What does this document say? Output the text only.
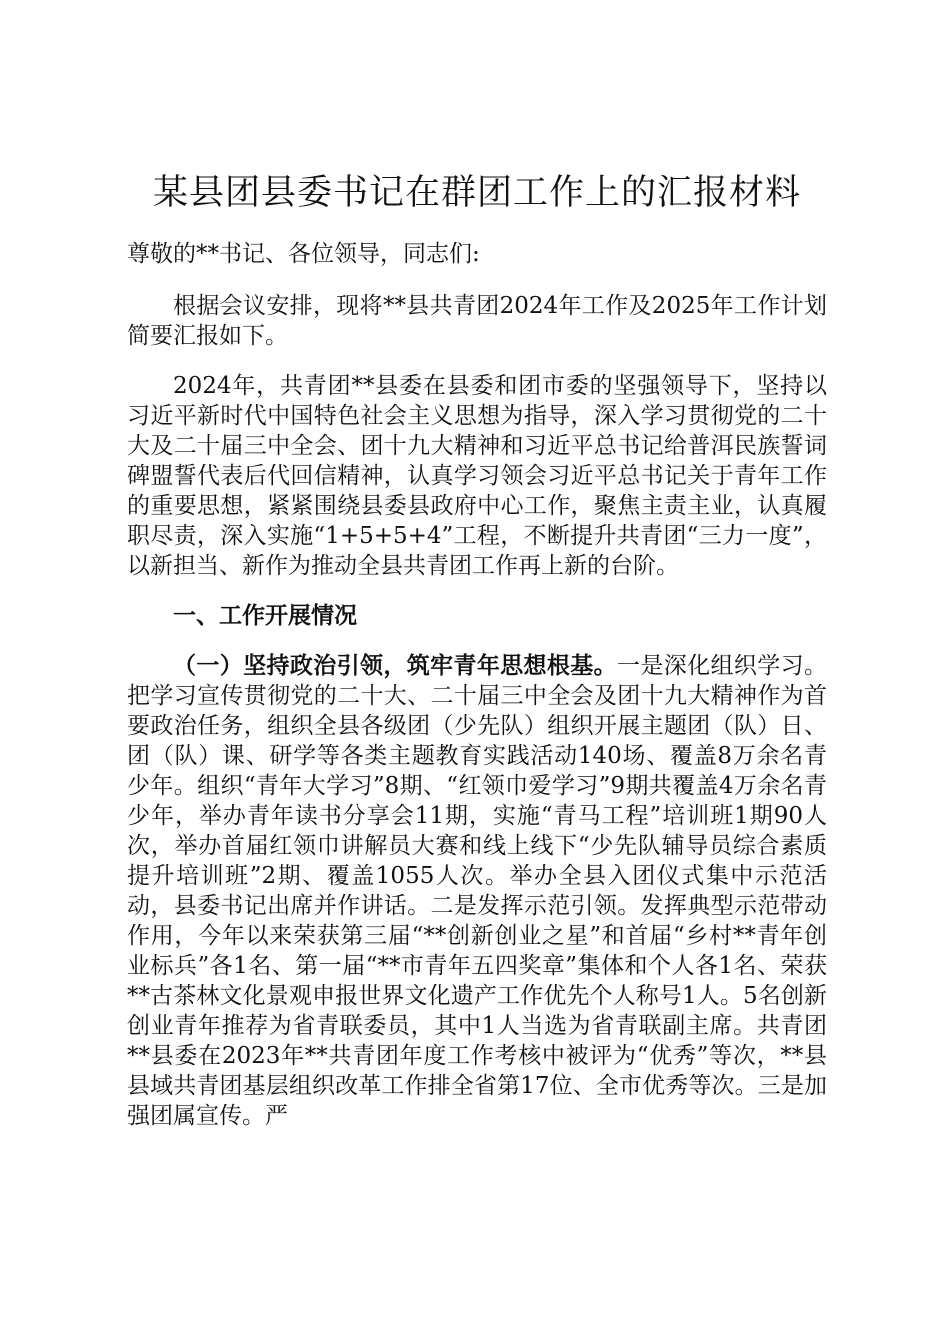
某县团县委书记在群团工作上的汇报材料

尊敬的**书记、各位领导，同志们:

根据会议安排，现将**县共青团2024年工作及2025年工作计划简要汇报如下。

2024年，共青团**县委在县委和团市委的坚强领导下，坚持以习近平新时代中国特色社会主义思想为指导，深入学习贯彻党的二十大及二十届三中全会、团十九大精神和习近平总书记给普洱民族誓词碑盟誓代表后代回信精神，认真学习领会习近平总书记关于青年工作的重要思想，紧紧围绕县委县政府中心工作，聚焦主责主业，认真履职尽责，深入实施“1+5+5+4”工程，不断提升共青团“三力一度”，以新担当、新作为推动全县共青团工作再上新的台阶。

一、工作开展情况

（一）坚持政治引领，筑牢青年思想根基。一是深化组织学习。把学习宣传贯彻党的二十大、二十届三中全会及团十九大精神作为首要政治任务，组织全县各级团（少先队）组织开展主题团（队）日、团（队）课、研学等各类主题教育实践活动140场、覆盖8万余名青少年。组织“青年大学习”8期、“红领巾爱学习”9期共覆盖4万余名青少年，举办青年读书分享会11期，实施“青马工程”培训班1期90人次，举办首届红领巾讲解员大赛和线上线下“少先队辅导员综合素质提升培训班”2期、覆盖1055人次。举办全县入团仪式集中示范活动，县委书记出席并作讲话。二是发挥示范引领。发挥典型示范带动作用，今年以来荣获第三届“**创新创业之星”和首届“乡村**青年创业标兵”各1名、第一届“**市青年五四奖章”集体和个人各1名、荣获**古茶林文化景观申报世界文化遗产工作优先个人称号1人。5名创新创业青年推荐为省青联委员，其中1人当选为省青联副主席。共青团**县委在2023年**共青团年度工作考核中被评为“优秀”等次，**县县域共青团基层组织改革工作排全省第17位、全市优秀等次。三是加强团属宣传。严
